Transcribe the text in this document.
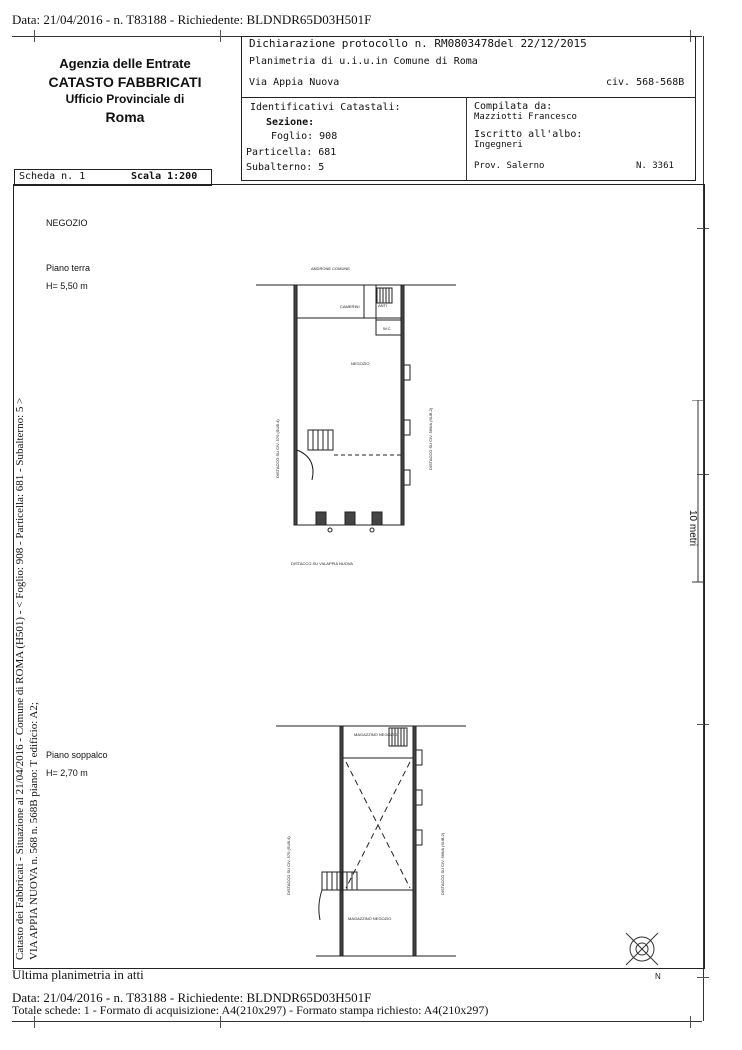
Data: 21/04/2016 - n. T83188 - Richiedente: BLDNDR65D03H501F
Agenzia delle Entrate
CATASTO FABBRICATI
Ufficio Provinciale di
Roma
Dichiarazione protocollo n. RM0803478del 22/12/2015
Planimetria di u.i.u.in Comune di Roma
Via Appia Nuova	civ. 568-568B
Identificativi Catastali:
Sezione:
Foglio: 908
Particella: 681
Subalterno: 5
Compilata da:
Mazziotti Francesco
Iscritto all'albo:
Ingegneri
Prov. Salerno	N. 3361
Scheda n. 1	Scala 1:200
NEGOZIO
Piano terra
H= 5,50 m
Piano soppalco
H= 2,70 m
ANDRONE COMUNE
CAMERINI	ANTI
W.C.
NEGOZIO
DISTACCO SU VIA APPIA NUOVA
DISTACCO SU CIV. 570 (SUB.4)	DISTACCO SU CIV. 566/A (SUB.2)
MAGAZZINO NEGOZIO
MAGAZZINO NEGOZIO
DISTACCO SU CIV. 570 (SUB.4)	DISTACCO SU CIV. 566/A (SUB.2)
10 metri
N
Catasto dei Fabbricati - Situazione al 21/04/2016 - Comune di ROMA (H501) - < Foglio: 908 - Particella: 681 - Subalterno: 5 > VIA APPIA NUOVA n. 568 n. 568B piano: T edificio: A2;
Ultima planimetria in atti
Data: 21/04/2016 - n. T83188 - Richiedente: BLDNDR65D03H501F
Totale schede: 1 - Formato di acquisizione: A4(210x297) - Formato stampa richiesto: A4(210x297)
